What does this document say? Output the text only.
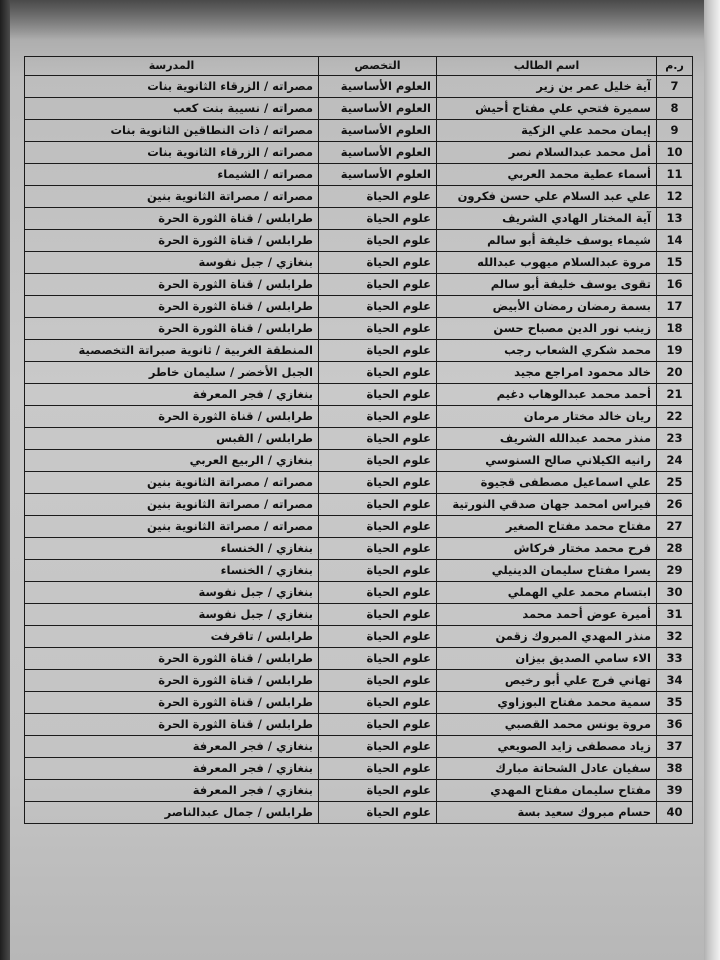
ر.م	اسم الطالب	التخصص	المدرسة
7	آية خليل عمر بن زير	العلوم الأساسية	مصراته / الزرقاء الثانوية بنات
8	سميرة فتحي علي مفتاح أحيش	العلوم الأساسية	مصراته / نسيبة بنت كعب
9	إيمان محمد علي الزكية	العلوم الأساسية	مصراته / ذات النطاقين الثانوية بنات
10	أمل محمد عبدالسلام نصر	العلوم الأساسية	مصراته / الزرقاء الثانوية بنات
11	أسماء عطية محمد العربي	العلوم الأساسية	مصراته / الشيماء
12	علي عبد السلام علي حسن فكرون	علوم الحياة	مصراته / مصراتة الثانوية بنين
13	آية المختار الهادي الشريف	علوم الحياة	طرابلس / قناة الثورة الحرة
14	شيماء يوسف خليفة أبو سالم	علوم الحياة	طرابلس / قناة الثورة الحرة
15	مروة عبدالسلام ميهوب عبدالله	علوم الحياة	بنغازي / جبل نفوسة
16	تقوى يوسف خليفة أبو سالم	علوم الحياة	طرابلس / قناة الثورة الحرة
17	بسمة رمضان رمضان الأبيض	علوم الحياة	طرابلس / قناة الثورة الحرة
18	زينب نور الدين مصباح حسن	علوم الحياة	طرابلس / قناة الثورة الحرة
19	محمد شكري الشعاب رجب	علوم الحياة	المنطقة الغربية / ثانوية صبراتة التخصصية
20	خالد محمود امراجع مجيد	علوم الحياة	الجبل الأخضر / سليمان خاطر
21	أحمد محمد عبدالوهاب دغيم	علوم الحياة	بنغازي / فجر المعرفة
22	ريان خالد مختار مرمان	علوم الحياة	طرابلس / قناة الثورة الحرة
23	منذر محمد عبدالله الشريف	علوم الحياة	طرابلس / القبس
24	رانيه الكيلاني صالح السنوسي	علوم الحياة	بنغازي / الربيع العربي
25	علي اسماعيل مصطفى قجيوة	علوم الحياة	مصراته / مصراتة الثانوية بنين
26	فيراس امحمد جهان صدقي النورتية	علوم الحياة	مصراته / مصراتة الثانوية بنين
27	مفتاح محمد مفتاح الصغير	علوم الحياة	مصراته / مصراتة الثانوية بنين
28	فرح محمد مختار فركاش	علوم الحياة	بنغازي / الخنساء
29	يسرا مفتاح سليمان الدينيلي	علوم الحياة	بنغازي / الخنساء
30	ابتسام محمد علي الهملي	علوم الحياة	بنغازي / جبل نفوسة
31	أميرة عوض أحمد محمد	علوم الحياة	بنغازي / جبل نفوسة
32	منذر المهدي المبروك زقمن	علوم الحياة	طرابلس / تاقرفت
33	الاء سامي الصديق بيزان	علوم الحياة	طرابلس / قناة الثورة الحرة
34	تهاني فرج علي أبو رخيص	علوم الحياة	طرابلس / قناة الثورة الحرة
35	سمية محمد مفتاح البوزاوي	علوم الحياة	طرابلس / قناة الثورة الحرة
36	مروة يونس محمد القصبي	علوم الحياة	طرابلس / قناة الثورة الحرة
37	زياد مصطفى زايد الصويعي	علوم الحياة	بنغازي / فجر المعرفة
38	سفيان عادل الشحاتة مبارك	علوم الحياة	بنغازي / فجر المعرفة
39	مفتاح سليمان مفتاح المهدي	علوم الحياة	بنغازي / فجر المعرفة
40	حسام مبروك سعيد بسة	علوم الحياة	طرابلس / جمال عبدالناصر
